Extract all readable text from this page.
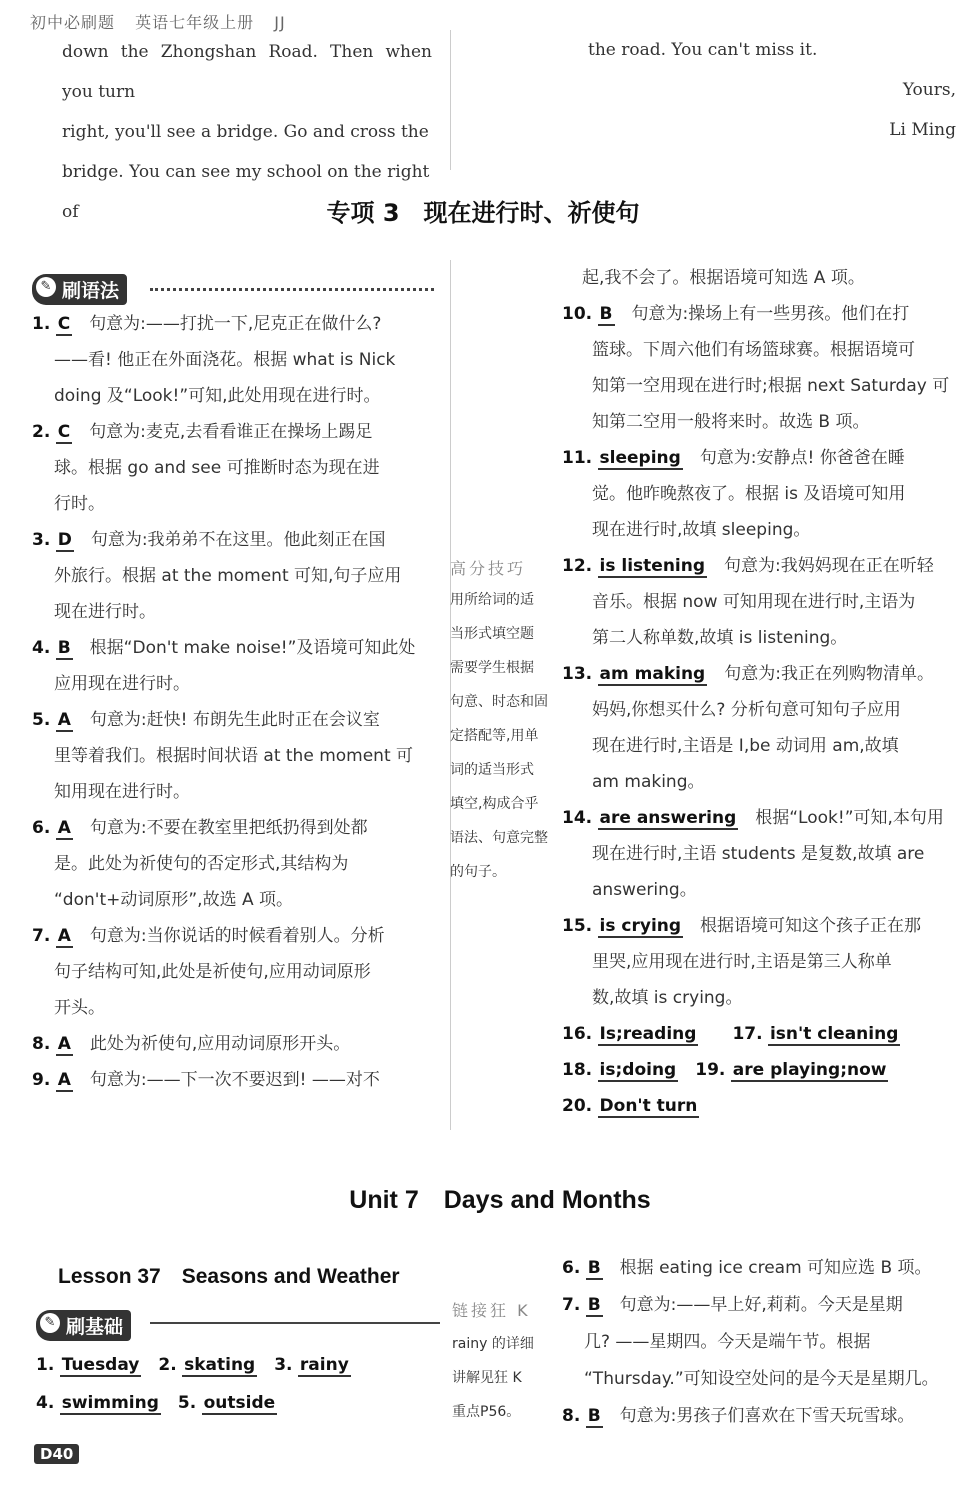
初中必刷题 英语七年级上册 JJ
down the Zhongshan Road. Then when you turn
right, you'll see a bridge. Go and cross the
bridge. You can see my school on the right of
the road. You can't miss it.
Yours,
Li Ming
专项 3　现在进行时、祈使句
✎ 刷语法
1. C　 句意为:——打扰一下,尼克正在做什么?
——看! 他正在外面浇花。根据 what is Nick
doing 及“Look!”可知,此处用现在进行时。
2. C　 句意为:麦克,去看看谁正在操场上踢足
球。根据 go and see 可推断时态为现在进
行时。
3. D　 句意为:我弟弟不在这里。他此刻正在国
外旅行。根据 at the moment 可知,句子应用
现在进行时。
4. B　 根据“Don't make noise!”及语境可知此处
应用现在进行时。
5. A　 句意为:赶快! 布朗先生此时正在会议室
里等着我们。根据时间状语 at the moment 可
知用现在进行时。
6. A　 句意为:不要在教室里把纸扔得到处都
是。此处为祈使句的否定形式,其结构为
“don't+动词原形”,故选 A 项。
7. A　 句意为:当你说话的时候看着别人。分析
句子结构可知,此处是祈使句,应用动词原形
开头。
8. A　 此处为祈使句,应用动词原形开头。
9. A　 句意为:——下一次不要迟到! ——对不
高分技巧
用所给词的适
当形式填空题
需要学生根据
句意、时态和固
定搭配等,用单
词的适当形式
填空,构成合乎
语法、句意完整
的句子。
起,我不会了。根据语境可知选 A 项。
10. B　 句意为:操场上有一些男孩。他们在打
篮球。下周六他们有场篮球赛。根据语境可
知第一空用现在进行时;根据 next Saturday 可
知第二空用一般将来时。故选 B 项。
11. sleeping　 句意为:安静点! 你爸爸在睡
觉。他昨晚熬夜了。根据 is 及语境可知用
现在进行时,故填 sleeping。
12. is listening　 句意为:我妈妈现在正在听轻
音乐。根据 now 可知用现在进行时,主语为
第二人称单数,故填 is listening。
13. am making　 句意为:我正在列购物清单。
妈妈,你想买什么? 分析句意可知句子应用
现在进行时,主语是 I,be 动词用 am,故填
am making。
14. are answering　 根据“Look!”可知,本句用
现在进行时,主语 students 是复数,故填 are
answering。
15. is crying　 根据语境可知这个孩子正在那
里哭,应用现在进行时,主语是第三人称单
数,故填 is crying。
16. Is;reading　　 17. isn't cleaning
18. is;doing　 19. are playing;now
20. Don't turn
Unit 7　Days and Months
Lesson 37　Seasons and Weather
✎ 刷基础
1. Tuesday　 2. skating　 3. rainy
4. swimming　 5. outside
链接狂 K
rainy 的详细
讲解见狂 K
重点P56。
6. B　 根据 eating ice cream 可知应选 B 项。
7. B　 句意为:——早上好,莉莉。今天是星期
几? ——星期四。今天是端午节。根据
“Thursday.”可知设空处问的是今天是星期几。
8. B　 句意为:男孩子们喜欢在下雪天玩雪球。
D40
